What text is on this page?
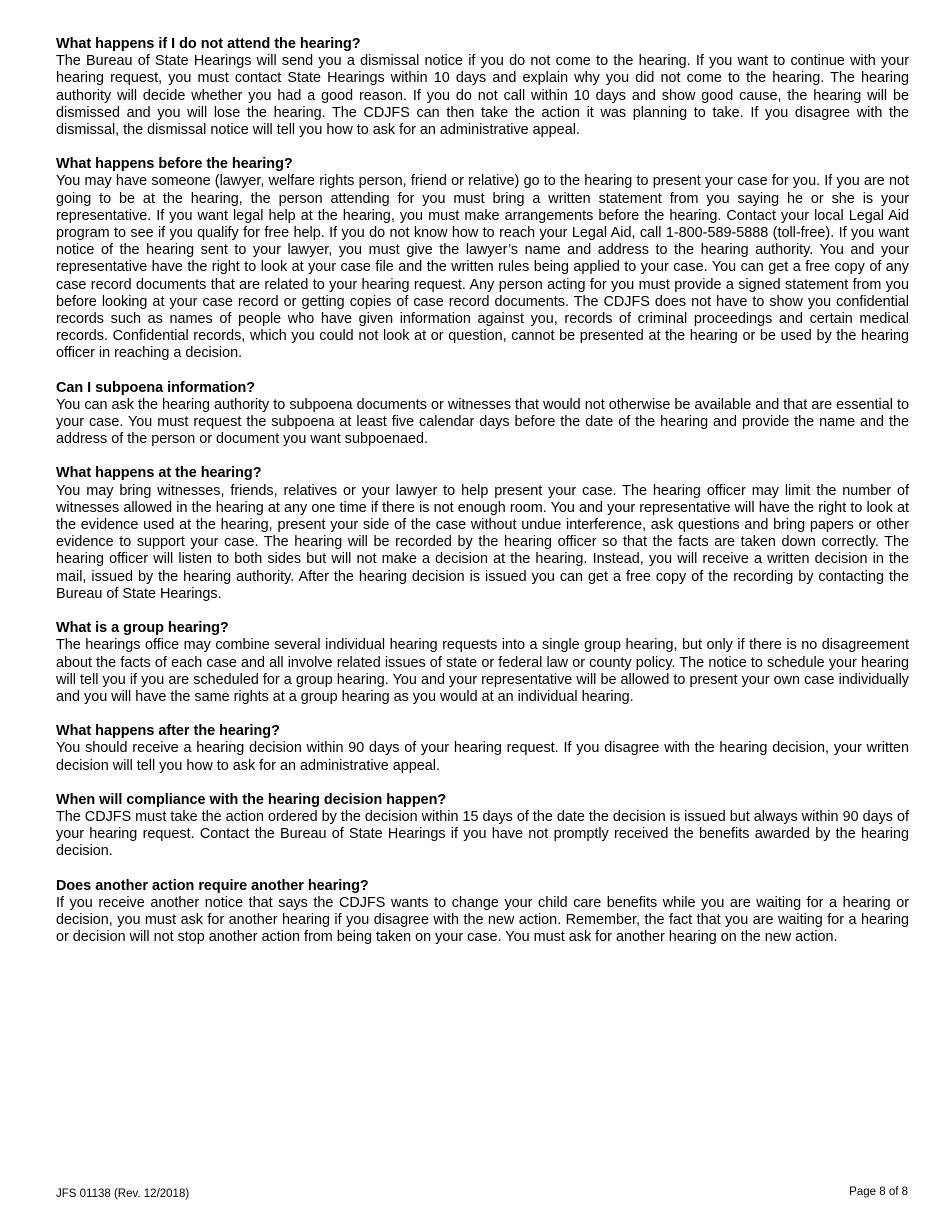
What happens if I do not attend the hearing?

The Bureau of State Hearings will send you a dismissal notice if you do not come to the hearing. If you want to continue with your hearing request, you must contact State Hearings within 10 days and explain why you did not come to the hearing. The hearing authority will decide whether you had a good reason. If you do not call within 10 days and show good cause, the hearing will be dismissed and you will lose the hearing. The CDJFS can then take the action it was planning to take. If you disagree with the dismissal, the dismissal notice will tell you how to ask for an administrative appeal.

What happens before the hearing?

You may have someone (lawyer, welfare rights person, friend or relative) go to the hearing to present your case for you. If you are not going to be at the hearing, the person attending for you must bring a written statement from you saying he or she is your representative. If you want legal help at the hearing, you must make arrangements before the hearing. Contact your local Legal Aid program to see if you qualify for free help. If you do not know how to reach your Legal Aid, call 1-800-589-5888 (toll-free). If you want notice of the hearing sent to your lawyer, you must give the lawyer’s name and address to the hearing authority. You and your representative have the right to look at your case file and the written rules being applied to your case. You can get a free copy of any case record documents that are related to your hearing request. Any person acting for you must provide a signed statement from you before looking at your case record or getting copies of case record documents. The CDJFS does not have to show you confidential records such as names of people who have given information against you, records of criminal proceedings and certain medical records. Confidential records, which you could not look at or question, cannot be presented at the hearing or be used by the hearing officer in reaching a decision.

Can I subpoena information?

You can ask the hearing authority to subpoena documents or witnesses that would not otherwise be available and that are essential to your case. You must request the subpoena at least five calendar days before the date of the hearing and provide the name and the address of the person or document you want subpoenaed.

What happens at the hearing?

You may bring witnesses, friends, relatives or your lawyer to help present your case. The hearing officer may limit the number of witnesses allowed in the hearing at any one time if there is not enough room. You and your representative will have the right to look at the evidence used at the hearing, present your side of the case without undue interference, ask questions and bring papers or other evidence to support your case. The hearing will be recorded by the hearing officer so that the facts are taken down correctly. The hearing officer will listen to both sides but will not make a decision at the hearing. Instead, you will receive a written decision in the mail, issued by the hearing authority. After the hearing decision is issued you can get a free copy of the recording by contacting the Bureau of State Hearings.

What is a group hearing?

The hearings office may combine several individual hearing requests into a single group hearing, but only if there is no disagreement about the facts of each case and all involve related issues of state or federal law or county policy. The notice to schedule your hearing will tell you if you are scheduled for a group hearing. You and your representative will be allowed to present your own case individually and you will have the same rights at a group hearing as you would at an individual hearing.

What happens after the hearing?

You should receive a hearing decision within 90 days of your hearing request. If you disagree with the hearing decision, your written decision will tell you how to ask for an administrative appeal.

When will compliance with the hearing decision happen?

The CDJFS must take the action ordered by the decision within 15 days of the date the decision is issued but always within 90 days of your hearing request. Contact the Bureau of State Hearings if you have not promptly received the benefits awarded by the hearing decision.

Does another action require another hearing?

If you receive another notice that says the CDJFS wants to change your child care benefits while you are waiting for a hearing or decision, you must ask for another hearing if you disagree with the new action. Remember, the fact that you are waiting for a hearing or decision will not stop another action from being taken on your case. You must ask for another hearing on the new action.

JFS 01138 (Rev. 12/2018)	Page 8 of 8
